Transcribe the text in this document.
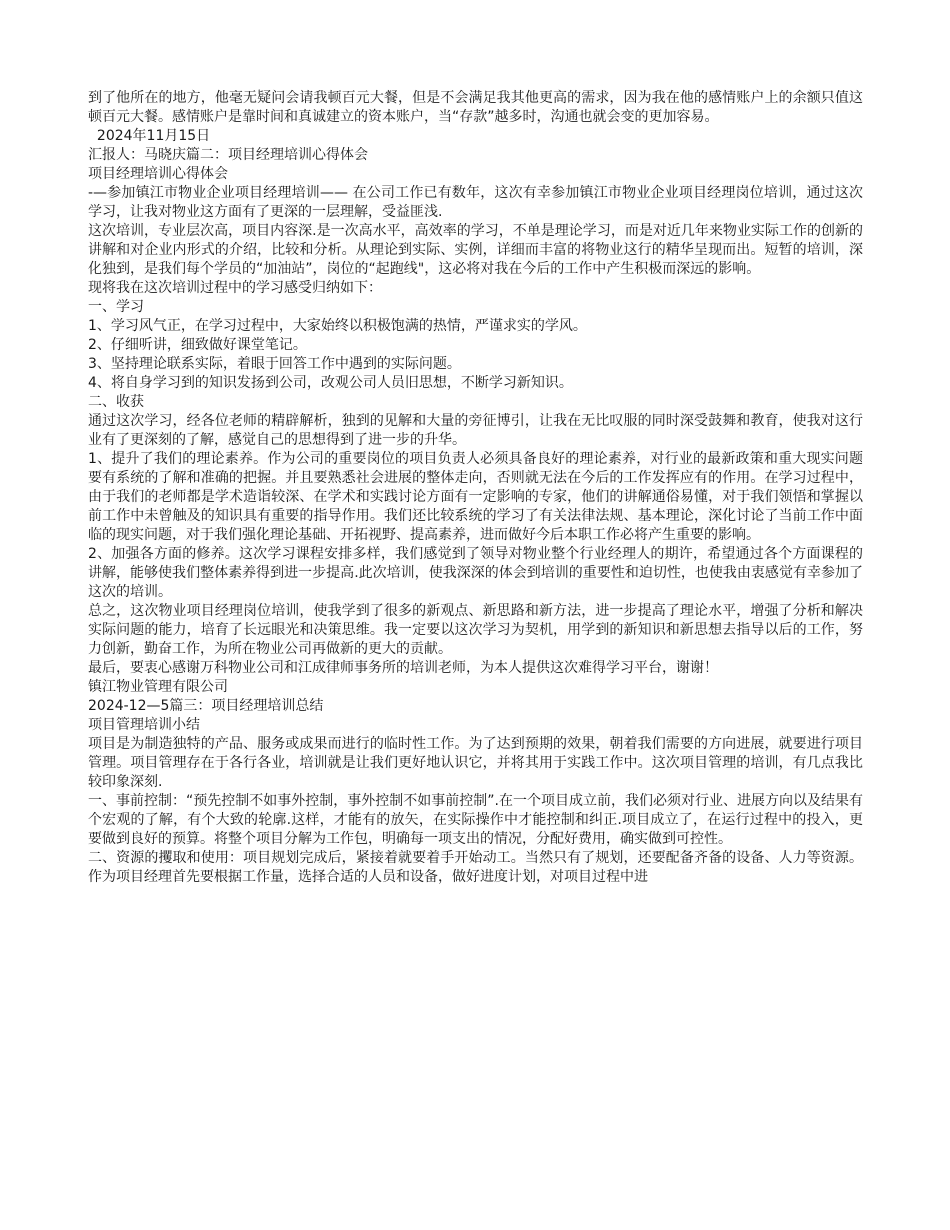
到了他所在的地方，他毫无疑问会请我顿百元大餐，但是不会满足我其他更高的需求，因为我在他的感情账户上的余额只值这顿百元大餐。感情账户是靠时间和真诚建立的资本账户，当“存款”越多时，沟通也就会变的更加容易。

2024年11月15日

汇报人：马晓庆篇二：项目经理培训心得体会

项目经理培训心得体会

-—参加镇江市物业企业项目经理培训—— 在公司工作已有数年，这次有幸参加镇江市物业企业项目经理岗位培训，通过这次学习，让我对物业这方面有了更深的一层理解，受益匪浅.

这次培训，专业层次高，项目内容深.是一次高水平，高效率的学习，不单是理论学习，而是对近几年来物业实际工作的创新的讲解和对企业内形式的介绍，比较和分析。从理论到实际、实例，详细而丰富的将物业这行的精华呈现而出。短暂的培训，深化独到，是我们每个学员的“加油站”，岗位的“起跑线"，这必将对我在今后的工作中产生积极而深远的影响。

现将我在这次培训过程中的学习感受归纳如下：

一、学习

1、学习风气正，在学习过程中，大家始终以积极饱满的热情，严谨求实的学风。

2、仔细听讲，细致做好课堂笔记。

3、坚持理论联系实际，着眼于回答工作中遇到的实际问题。

4、将自身学习到的知识发扬到公司，改观公司人员旧思想，不断学习新知识。

二、收获

通过这次学习，经各位老师的精辟解析，独到的见解和大量的旁征博引，让我在无比叹服的同时深受鼓舞和教育，使我对这行业有了更深刻的了解，感觉自己的思想得到了进一步的升华。

1、提升了我们的理论素养。作为公司的重要岗位的项目负责人必须具备良好的理论素养，对行业的最新政策和重大现实问题要有系统的了解和准确的把握。并且要熟悉社会进展的整体走向，否则就无法在今后的工作发挥应有的作用。在学习过程中，由于我们的老师都是学术造诣较深、在学术和实践讨论方面有一定影响的专家，他们的讲解通俗易懂，对于我们领悟和掌握以前工作中未曾触及的知识具有重要的指导作用。我们还比较系统的学习了有关法律法规、基本理论，深化讨论了当前工作中面临的现实问题，对于我们强化理论基础、开拓视野、提高素养，进而做好今后本职工作必将产生重要的影响。

2、加强各方面的修养。这次学习课程安排多样，我们感觉到了领导对物业整个行业经理人的期许，希望通过各个方面课程的讲解，能够使我们整体素养得到进一步提高.此次培训，使我深深的体会到培训的重要性和迫切性，也使我由衷感觉有幸参加了这次的培训。

总之，这次物业项目经理岗位培训，使我学到了很多的新观点、新思路和新方法，进一步提高了理论水平，增强了分析和解决实际问题的能力，培育了长远眼光和决策思维。我一定要以这次学习为契机，用学到的新知识和新思想去指导以后的工作，努力创新，勤奋工作，为所在物业公司再做新的更大的贡献。

最后，要衷心感谢万科物业公司和江成律师事务所的培训老师，为本人提供这次难得学习平台，谢谢！

镇江物业管理有限公司

2024-12—5篇三：项目经理培训总结

项目管理培训小结

项目是为制造独特的产品、服务或成果而进行的临时性工作。为了达到预期的效果，朝着我们需要的方向进展，就要进行项目管理。项目管理存在于各行各业，培训就是让我们更好地认识它，并将其用于实践工作中。这次项目管理的培训，有几点我比较印象深刻.

一、事前控制：“预先控制不如事外控制，事外控制不如事前控制”.在一个项目成立前，我们必须对行业、进展方向以及结果有个宏观的了解，有个大致的轮廓.这样，才能有的放矢，在实际操作中才能控制和纠正.项目成立了，在运行过程中的投入，更要做到良好的预算。将整个项目分解为工作包，明确每一项支出的情况，分配好费用，确实做到可控性。

二、资源的攫取和使用：项目规划完成后，紧接着就要着手开始动工。当然只有了规划，还要配备齐备的设备、人力等资源。作为项目经理首先要根据工作量，选择合适的人员和设备，做好进度计划，对项目过程中进
